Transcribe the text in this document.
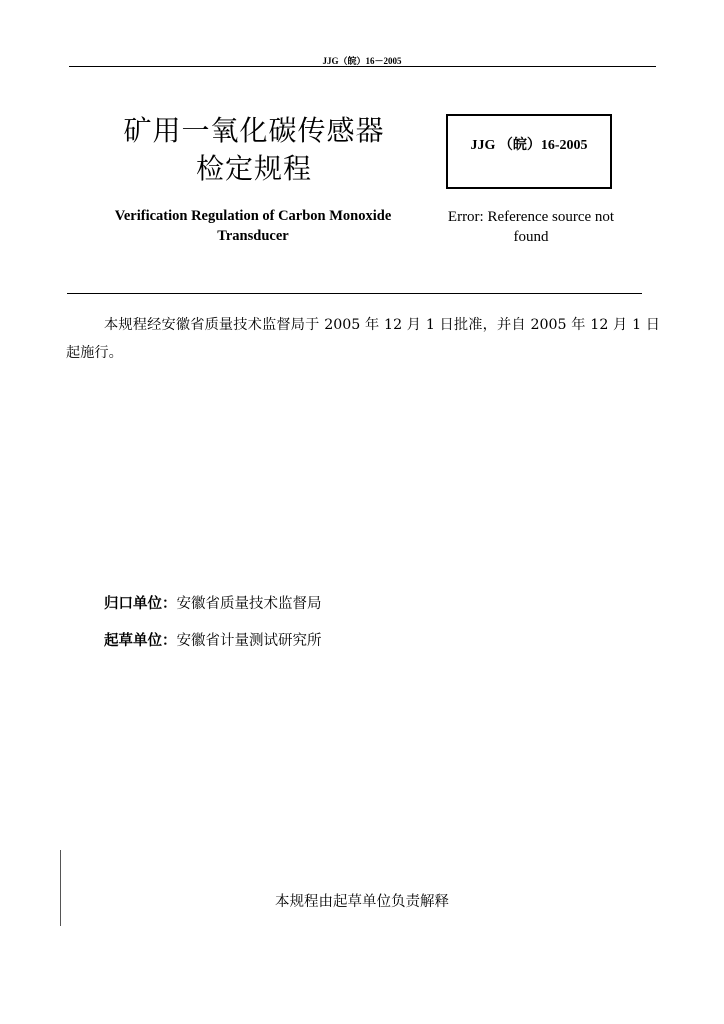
JJG（皖）16－2005
矿用一氧化碳传感器
检定规程
JJG （皖）16-2005
Verification Regulation of Carbon Monoxide
Transducer
Error: Reference source not
found
本规程经安徽省质量技术监督局于 2005 年 12 月 1 日批准，并自 2005 年 12 月 1 日起施行。
归口单位：安徽省质量技术监督局
起草单位：安徽省计量测试研究所
本规程由起草单位负责解释
